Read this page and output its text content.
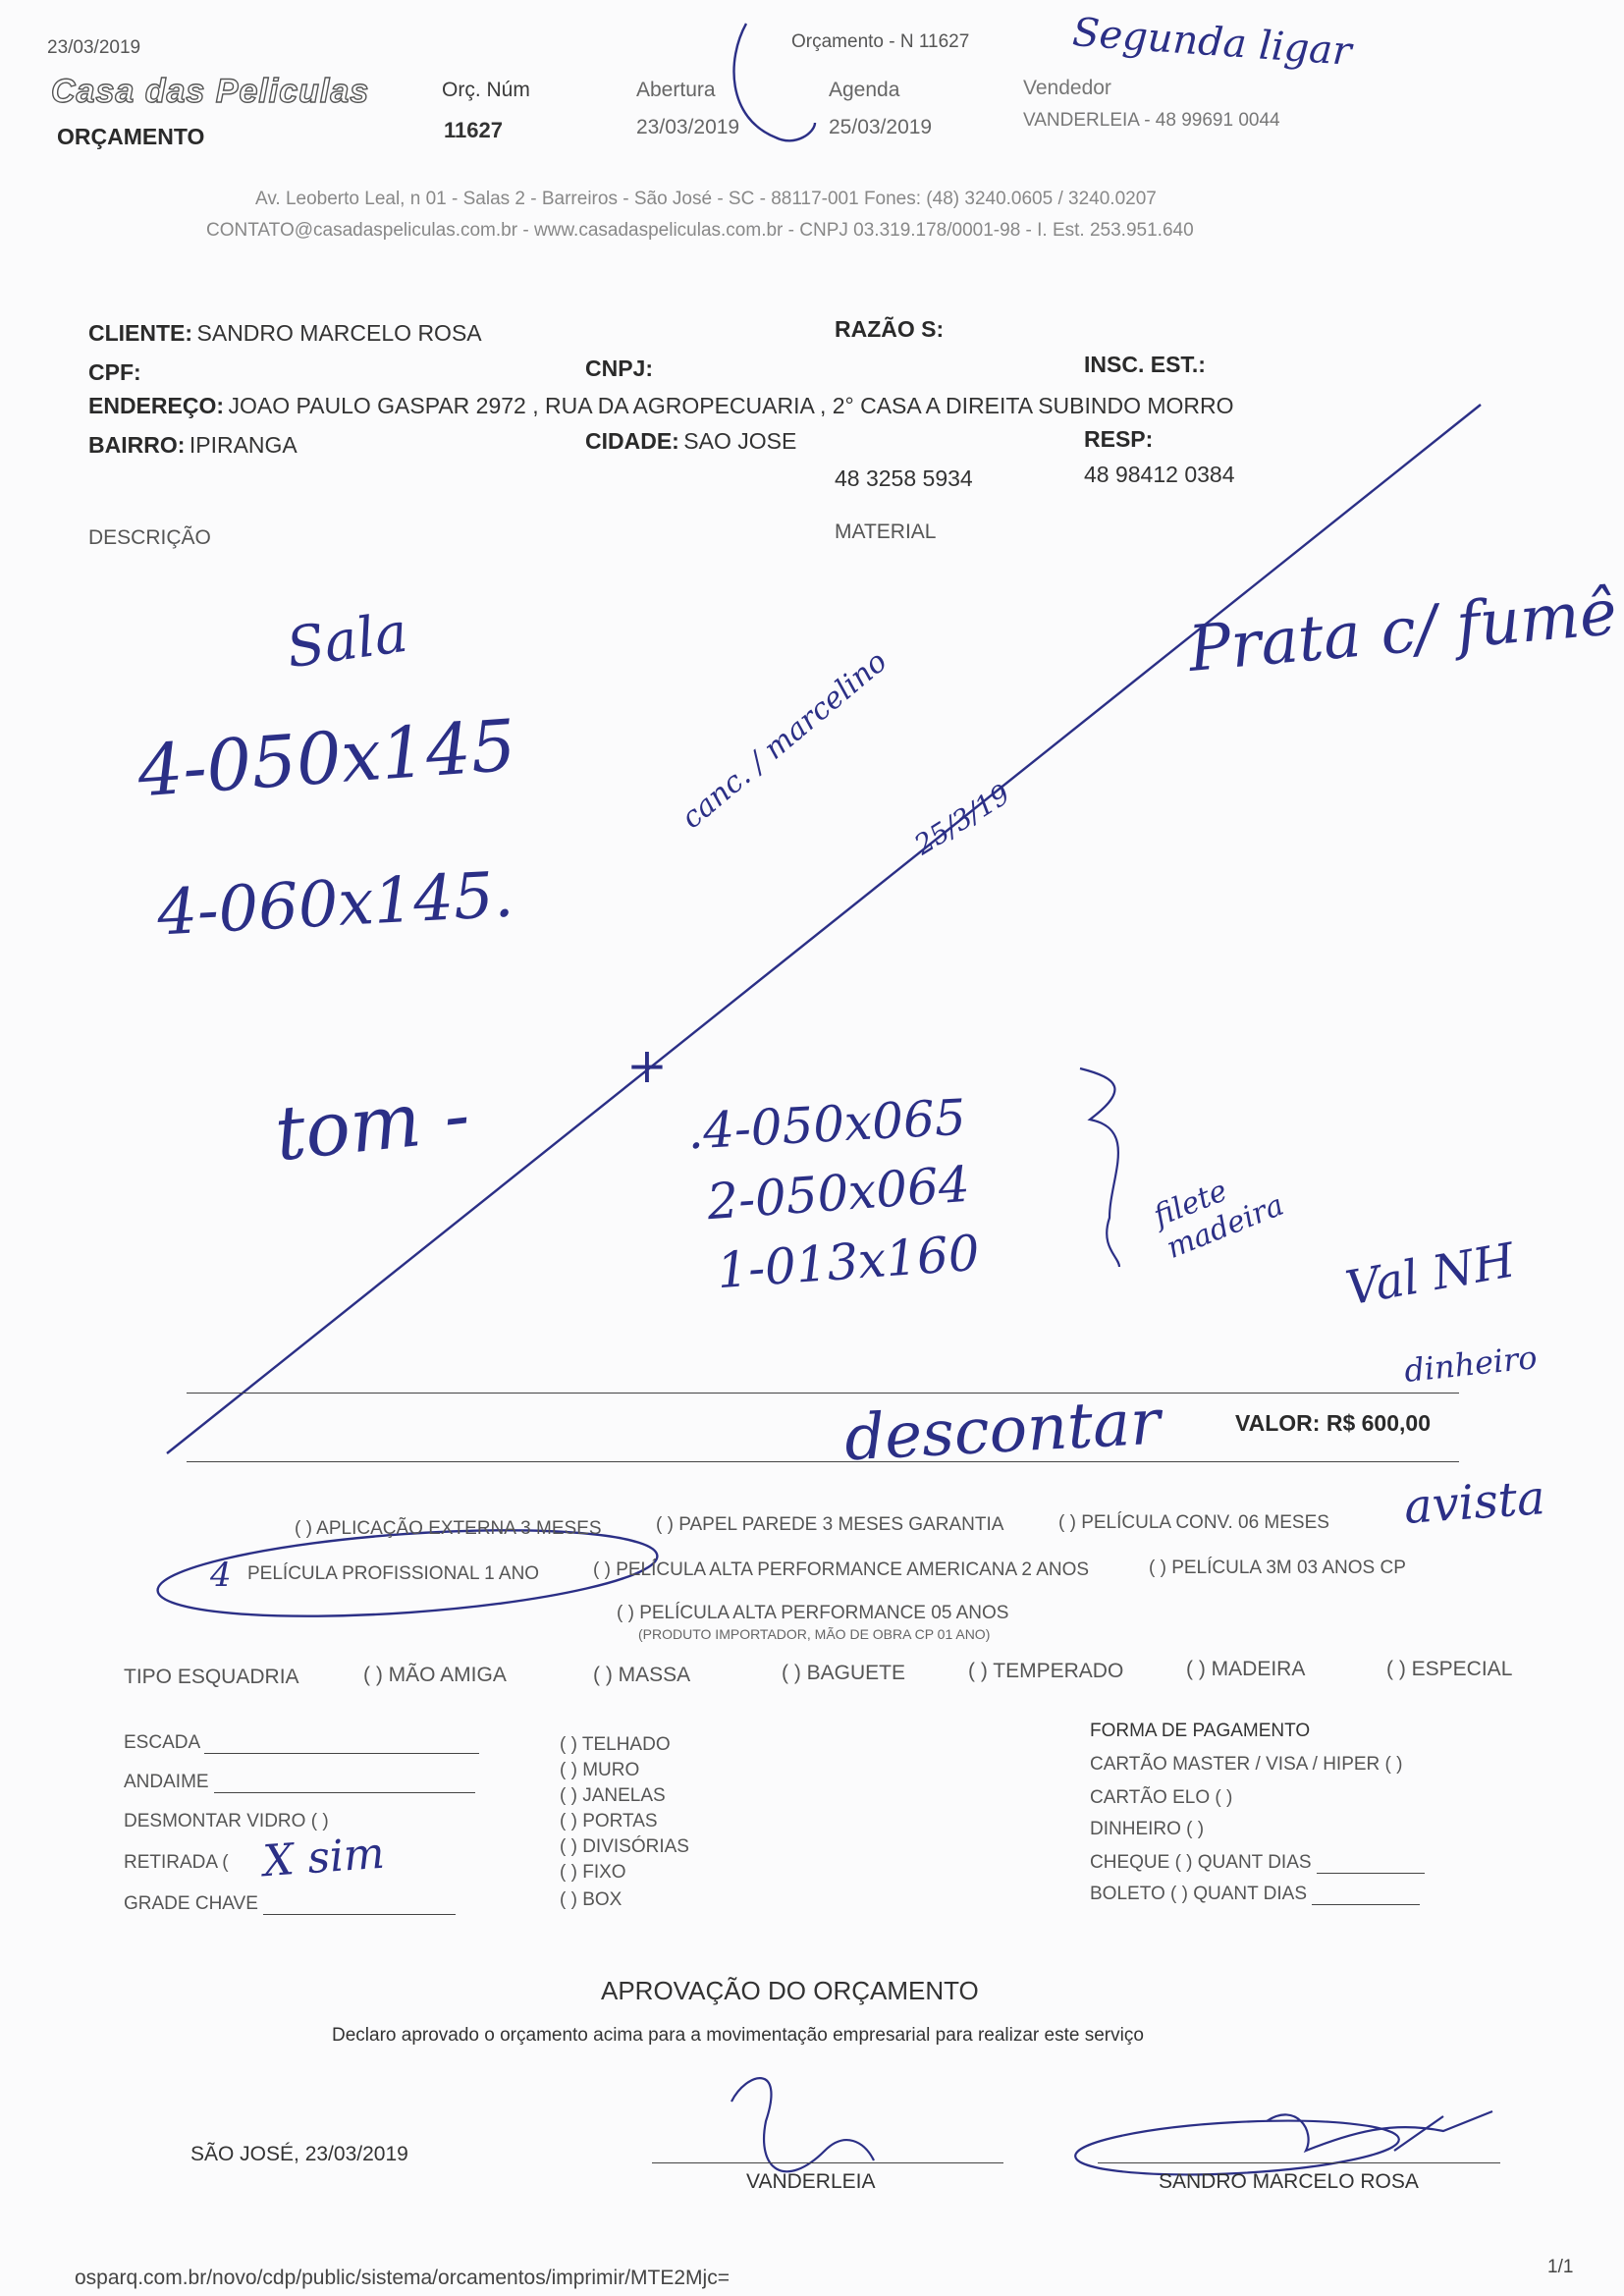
23/03/2019	Orçamento - N 11627
Casa das Peliculas
ORÇAMENTO
Orç. Núm
11627
Abertura
23/03/2019
Agenda
25/03/2019
Vendedor
VANDERLEIA - 48 99691 0044
Av. Leoberto Leal, n 01 - Salas 2 - Barreiros - São José - SC - 88117-001 Fones: (48) 3240.0605 / 3240.0207
CONTATO@casadaspeliculas.com.br - www.casadaspeliculas.com.br - CNPJ 03.319.178/0001-98 - I. Est. 253.951.640
CLIENTE: SANDRO MARCELO ROSA	RAZÃO S:
CPF:	CNPJ:	INSC. EST.:
ENDEREÇO: JOAO PAULO GASPAR 2972 , RUA DA AGROPECUARIA , 2° CASA A DIREITA SUBINDO MORRO
BAIRRO: IPIRANGA	CIDADE: SAO JOSE	RESP:
48 3258 5934	48 98412 0384
DESCRIÇÃO	MATERIAL
Segunda ligar
Sala
4-050x145
4-060x145.
Prata c/ fumê
canc. / marcelino 25/3/19
tom -
+
.4-050x065
2-050x064
1-013x160
filete madeira
Val NH
dinheiro
descontar
avista
VALOR: R$ 600,00
( ) APLICAÇÃO EXTERNA 3 MESES	( ) PAPEL PAREDE 3 MESES GARANTIA	( ) PELÍCULA CONV. 06 MESES
4 PELÍCULA PROFISSIONAL 1 ANO	( ) PELÍCULA ALTA PERFORMANCE AMERICANA 2 ANOS	( ) PELÍCULA 3M 03 ANOS CP
( ) PELÍCULA ALTA PERFORMANCE 05 ANOS
(PRODUTO IMPORTADOR, MÃO DE OBRA CP 01 ANO)
TIPO ESQUADRIA	( ) MÃO AMIGA	( ) MASSA	( ) BAGUETE	( ) TEMPERADO	( ) MADEIRA	( ) ESPECIAL
ESCADA
ANDAIME
DESMONTAR VIDRO ( )
RETIRADA ( X sim
GRADE CHAVE
( ) TELHADO
( ) MURO
( ) JANELAS
( ) PORTAS
( ) DIVISÓRIAS
( ) FIXO
( ) BOX
FORMA DE PAGAMENTO
CARTÃO MASTER / VISA / HIPER ( )
CARTÃO ELO ( )
DINHEIRO ( )
CHEQUE ( ) QUANT DIAS
BOLETO ( ) QUANT DIAS
APROVAÇÃO DO ORÇAMENTO
Declaro aprovado o orçamento acima para a movimentação empresarial para realizar este serviço
SÃO JOSÉ, 23/03/2019
VANDERLEIA	SANDRO MARCELO ROSA
osparq.com.br/novo/cdp/public/sistema/orcamentos/imprimir/MTE2Mjc=	1/1
